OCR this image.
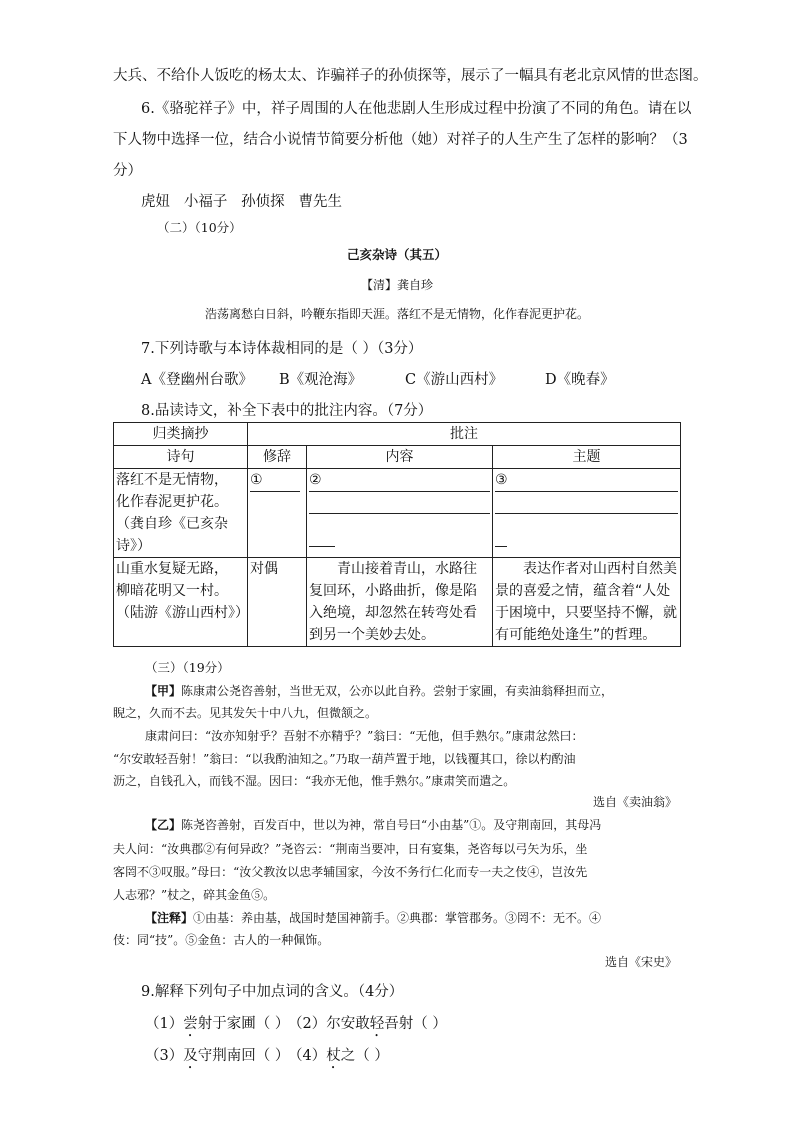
大兵、不给仆人饭吃的杨太太、诈骗祥子的孙侦探等，展示了一幅具有老北京风情的世态图。
6.《骆驼祥子》中，祥子周围的人在他悲剧人生形成过程中扮演了不同的角色。请在以
下人物中选择一位，结合小说情节简要分析他（她）对祥子的人生产生了怎样的影响？（3
分）
虎妞   小福子   孙侦探   曹先生
（二）（10分）
己亥杂诗（其五）
【清】龚自珍
浩荡离愁白日斜，吟鞭东指即天涯。落红不是无情物，化作春泥更护花。
7.下列诗歌与本诗体裁相同的是（ ）（3分）
A《登幽州台歌》 B《观沧海》	C《游山西村》	D《晚春》
8.品读诗文，补全下表中的批注内容。（7分）
归类摘抄	批注		
诗句	修辞	内容	主题

落红不是无情物，
化作春泥更护花。
（龚自珍《已亥杂
诗》）	①	②	③

山重水复疑无路，
柳暗花明又一村。
（陆游《游山西村》）	对偶	青山接着青山，水路往复回环，小路曲折，像是陷入绝境，却忽然在转弯处看到另一个美妙去处。	表达作者对山西村自然美景的喜爱之情，蕴含着“人处于困境中，只要坚持不懈，就有可能绝处逢生”的哲理。
（三）（19分）
【甲】陈康肃公尧咨善射，当世无双，公亦以此自矜。尝射于家圃，有卖油翁释担而立，
睨之，久而不去。见其发矢十中八九，但微颔之。
康肃问曰：“汝亦知射乎？吾射不亦精乎？”翁曰：“无他，但手熟尔。”康肃忿然曰：
“尔安敢轻吾射！”翁曰：“以我酌油知之。”乃取一葫芦置于地，以钱覆其口，徐以杓酌油
沥之，自钱孔入，而钱不湿。因曰：“我亦无他，惟手熟尔。”康肃笑而遣之。
选自《卖油翁》
【乙】陈尧咨善射，百发百中，世以为神，常自号曰“小由基”①。及守荆南回，其母冯
夫人问：“汝典郡②有何异政？”尧咨云：“荆南当要冲，日有宴集，尧咨每以弓矢为乐，坐
客罔不③叹服。”母曰：“汝父教汝以忠孝辅国家，今汝不务行仁化而专一夫之伎④，岂汝先
人志邪？”杖之，碎其金鱼⑤。
【注释】①由基：养由基，战国时楚国神箭手。②典郡：掌管郡务。③罔不：无不。④
伎：同“技”。⑤金鱼：古人的一种佩饰。
选自《宋史》
9.解释下列句子中加点词的含义。（4分）
（1）尝射于家圃（ ）
（2）尔安敢轻吾射（ ）
（3）及守荆南回（ ）
（4）杖之（ ）
